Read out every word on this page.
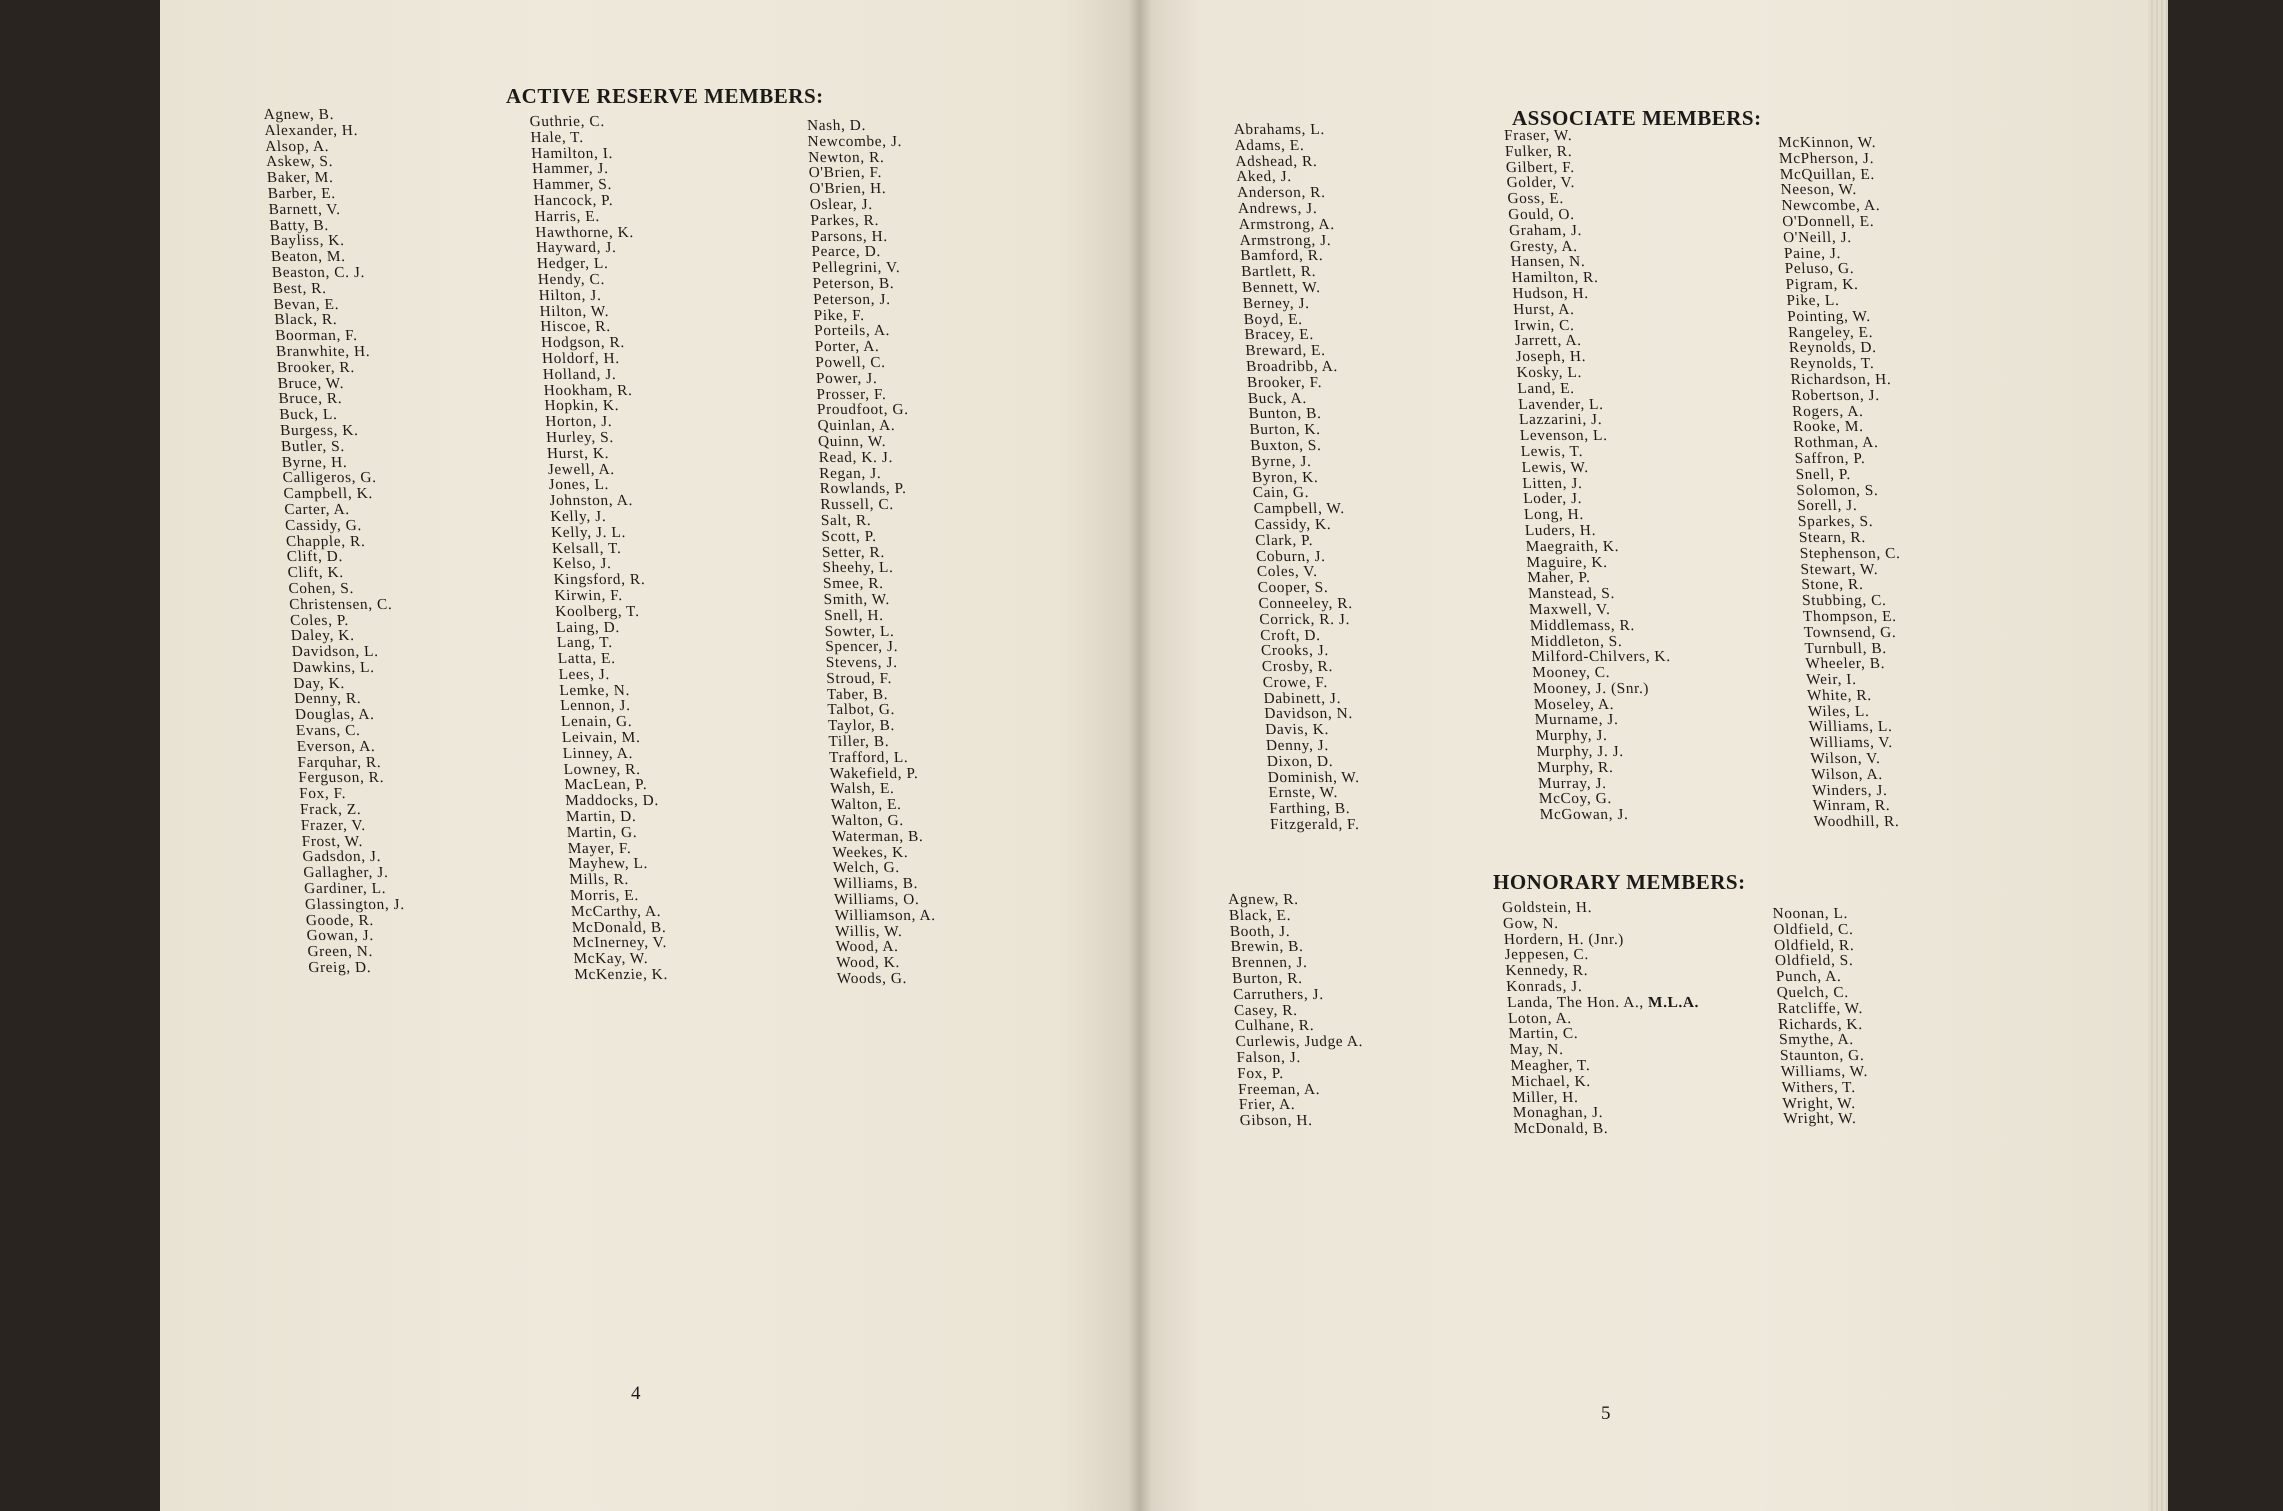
ACTIVE RESERVE MEMBERS:
Agnew, B.
Alexander, H.
Alsop, A.
Askew, S.
Baker, M.
Barber, E.
Barnett, V.
Batty, B.
Bayliss, K.
Beaton, M.
Beaston, C. J.
Best, R.
Bevan, E.
Black, R.
Boorman, F.
Branwhite, H.
Brooker, R.
Bruce, W.
Bruce, R.
Buck, L.
Burgess, K.
Butler, S.
Byrne, H.
Calligeros, G.
Campbell, K.
Carter, A.
Cassidy, G.
Chapple, R.
Clift, D.
Clift, K.
Cohen, S.
Christensen, C.
Coles, P.
Daley, K.
Davidson, L.
Dawkins, L.
Day, K.
Denny, R.
Douglas, A.
Evans, C.
Everson, A.
Farquhar, R.
Ferguson, R.
Fox, F.
Frack, Z.
Frazer, V.
Frost, W.
Gadsdon, J.
Gallagher, J.
Gardiner, L.
Glassington, J.
Goode, R.
Gowan, J.
Green, N.
Greig, D.
Guthrie, C.
Hale, T.
Hamilton, I.
Hammer, J.
Hammer, S.
Hancock, P.
Harris, E.
Hawthorne, K.
Hayward, J.
Hedger, L.
Hendy, C.
Hilton, J.
Hilton, W.
Hiscoe, R.
Hodgson, R.
Holdorf, H.
Holland, J.
Hookham, R.
Hopkin, K.
Horton, J.
Hurley, S.
Hurst, K.
Jewell, A.
Jones, L.
Johnston, A.
Kelly, J.
Kelly, J. L.
Kelsall, T.
Kelso, J.
Kingsford, R.
Kirwin, F.
Koolberg, T.
Laing, D.
Lang, T.
Latta, E.
Lees, J.
Lemke, N.
Lennon, J.
Lenain, G.
Leivain, M.
Linney, A.
Lowney, R.
MacLean, P.
Maddocks, D.
Martin, D.
Martin, G.
Mayer, F.
Mayhew, L.
Mills, R.
Morris, E.
McCarthy, A.
McDonald, B.
McInerney, V.
McKay, W.
McKenzie, K.
Nash, D.
Newcombe, J.
Newton, R.
O'Brien, F.
O'Brien, H.
Oslear, J.
Parkes, R.
Parsons, H.
Pearce, D.
Pellegrini, V.
Peterson, B.
Peterson, J.
Pike, F.
Porteils, A.
Porter, A.
Powell, C.
Power, J.
Prosser, F.
Proudfoot, G.
Quinlan, A.
Quinn, W.
Read, K. J.
Regan, J.
Rowlands, P.
Russell, C.
Salt, R.
Scott, P.
Setter, R.
Sheehy, L.
Smee, R.
Smith, W.
Snell, H.
Sowter, L.
Spencer, J.
Stevens, J.
Stroud, F.
Taber, B.
Talbot, G.
Taylor, B.
Tiller, B.
Trafford, L.
Wakefield, P.
Walsh, E.
Walton, E.
Walton, G.
Waterman, B.
Weekes, K.
Welch, G.
Williams, B.
Williams, O.
Williamson, A.
Willis, W.
Wood, A.
Wood, K.
Woods, G.
4
ASSOCIATE MEMBERS:
Abrahams, L.
Adams, E.
Adshead, R.
Aked, J.
Anderson, R.
Andrews, J.
Armstrong, A.
Armstrong, J.
Bamford, R.
Bartlett, R.
Bennett, W.
Berney, J.
Boyd, E.
Bracey, E.
Breward, E.
Broadribb, A.
Brooker, F.
Buck, A.
Bunton, B.
Burton, K.
Buxton, S.
Byrne, J.
Byron, K.
Cain, G.
Campbell, W.
Cassidy, K.
Clark, P.
Coburn, J.
Coles, V.
Cooper, S.
Conneeley, R.
Corrick, R. J.
Croft, D.
Crooks, J.
Crosby, R.
Crowe, F.
Dabinett, J.
Davidson, N.
Davis, K.
Denny, J.
Dixon, D.
Dominish, W.
Ernste, W.
Farthing, B.
Fitzgerald, F.
Fraser, W.
Fulker, R.
Gilbert, F.
Golder, V.
Goss, E.
Gould, O.
Graham, J.
Gresty, A.
Hansen, N.
Hamilton, R.
Hudson, H.
Hurst, A.
Irwin, C.
Jarrett, A.
Joseph, H.
Kosky, L.
Land, E.
Lavender, L.
Lazzarini, J.
Levenson, L.
Lewis, T.
Lewis, W.
Litten, J.
Loder, J.
Long, H.
Luders, H.
Maegraith, K.
Maguire, K.
Maher, P.
Manstead, S.
Maxwell, V.
Middlemass, R.
Middleton, S.
Milford-Chilvers, K.
Mooney, C.
Mooney, J. (Snr.)
Moseley, A.
Murname, J.
Murphy, J.
Murphy, J. J.
Murphy, R.
Murray, J.
McCoy, G.
McGowan, J.
McKinnon, W.
McPherson, J.
McQuillan, E.
Neeson, W.
Newcombe, A.
O'Donnell, E.
O'Neill, J.
Paine, J.
Peluso, G.
Pigram, K.
Pike, L.
Pointing, W.
Rangeley, E.
Reynolds, D.
Reynolds, T.
Richardson, H.
Robertson, J.
Rogers, A.
Rooke, M.
Rothman, A.
Saffron, P.
Snell, P.
Solomon, S.
Sorell, J.
Sparkes, S.
Stearn, R.
Stephenson, C.
Stewart, W.
Stone, R.
Stubbing, C.
Thompson, E.
Townsend, G.
Turnbull, B.
Wheeler, B.
Weir, I.
White, R.
Wiles, L.
Williams, L.
Williams, V.
Wilson, V.
Wilson, A.
Winders, J.
Winram, R.
Woodhill, R.
HONORARY MEMBERS:
Agnew, R.
Black, E.
Booth, J.
Brewin, B.
Brennen, J.
Burton, R.
Carruthers, J.
Casey, R.
Culhane, R.
Curlewis, Judge A.
Falson, J.
Fox, P.
Freeman, A.
Frier, A.
Gibson, H.
Goldstein, H.
Gow, N.
Hordern, H. (Jnr.)
Jeppesen, C.
Kennedy, R.
Konrads, J.
Landa, The Hon. A., M.L.A.
Loton, A.
Martin, C.
May, N.
Meagher, T.
Michael, K.
Miller, H.
Monaghan, J.
McDonald, B.
Noonan, L.
Oldfield, C.
Oldfield, R.
Oldfield, S.
Punch, A.
Quelch, C.
Ratcliffe, W.
Richards, K.
Smythe, A.
Staunton, G.
Williams, W.
Withers, T.
Wright, W.
Wright, W.
5
